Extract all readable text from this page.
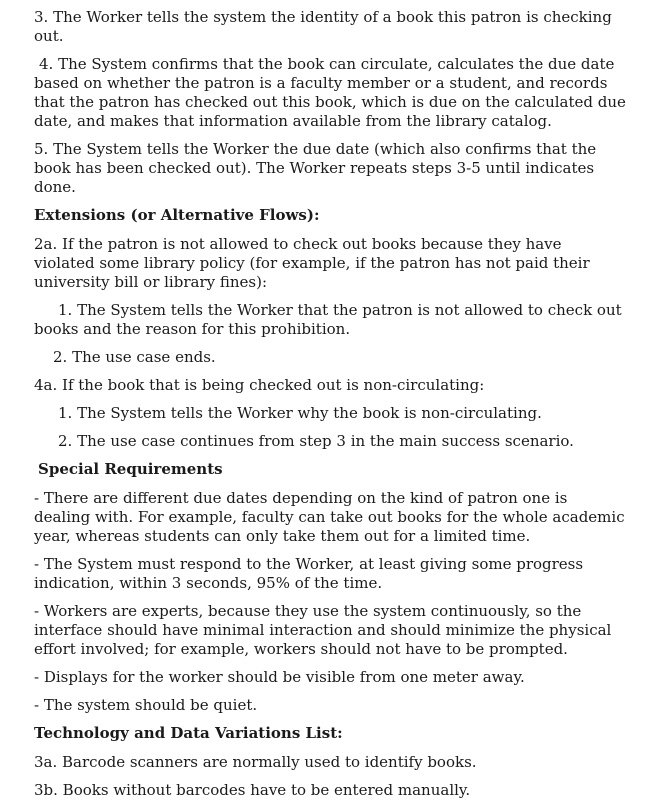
3. The Worker tells the system the identity of a book this patron is checking out.

4. The System confirms that the book can circulate, calculates the due date based on whether the patron is a faculty member or a student, and records that the patron has checked out this book, which is due on the calculated due date, and makes that information available from the library catalog.

5. The System tells the Worker the due date (which also confirms that the book has been checked out). The Worker repeats steps 3-5 until indicates done.

Extensions (or Alternative Flows):

2a. If the patron is not allowed to check out books because they have violated some library policy (for example, if the patron has not paid their university bill or library fines):

1. The System tells the Worker that the patron is not allowed to check out books and the reason for this prohibition.

2. The use case ends.

4a. If the book that is being checked out is non-circulating:

1. The System tells the Worker why the book is non-circulating.

2. The use case continues from step 3 in the main success scenario.

Special Requirements

- There are different due dates depending on the kind of patron one is dealing with. For example, faculty can take out books for the whole academic year, whereas students can only take them out for a limited time.

- The System must respond to the Worker, at least giving some progress indication, within 3 seconds, 95% of the time.

- Workers are experts, because they use the system continuously, so the interface should have minimal interaction and should minimize the physical effort involved; for example, workers should not have to be prompted.

- Displays for the worker should be visible from one meter away.

- The system should be quiet.

Technology and Data Variations List:

3a. Barcode scanners are normally used to identify books.

3b. Books without barcodes have to be entered manually.
